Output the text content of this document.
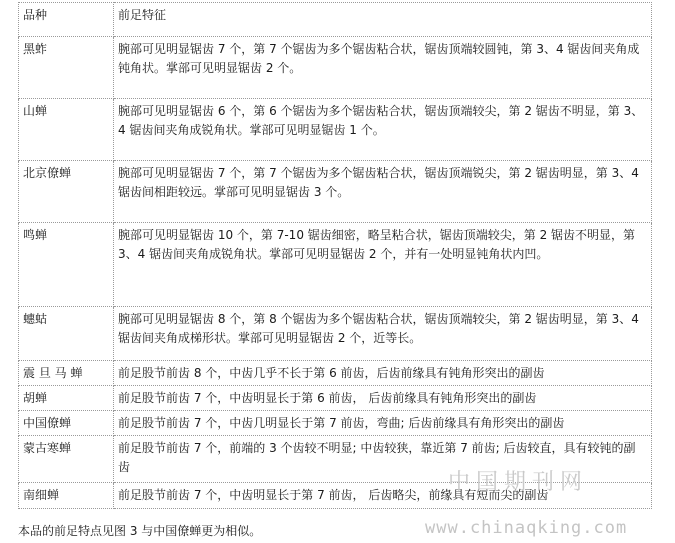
品种	前足特征
黑蚱	腕部可见明显锯齿 7 个，第 7 个锯齿为多个锯齿粘合状，锯齿顶端较圆钝，第 3、4 锯齿间夹角成钝角状。掌部可见明显锯齿 2 个。
山蝉	腕部可见明显锯齿 6 个，第 6 个锯齿为多个锯齿粘合状，锯齿顶端较尖，第 2 锯齿不明显，第 3、4 锯齿间夹角成锐角状。掌部可见明显锯齿 1 个。
北京僚蝉	腕部可见明显锯齿 7 个，第 7 个锯齿为多个锯齿粘合状，锯齿顶端锐尖，第 2 锯齿明显，第 3、4 锯齿间相距较远。掌部可见明显锯齿 3 个。
鸣蝉	腕部可见明显锯齿 10 个，第 7-10 锯齿细密，略呈粘合状，锯齿顶端较尖，第 2 锯齿不明显，第 3、4 锯齿间夹角成锐角状。掌部可见明显锯齿 2 个，并有一处明显钝角状内凹。
蟪蛄	腕部可见明显锯齿 8 个，第 8 个锯齿为多个锯齿粘合状，锯齿顶端较尖，第 2 锯齿明显，第 3、4 锯齿间夹角成梯形状。掌部可见明显锯齿 2 个，近等长。
震 旦 马 蝉	前足股节前齿 8 个，中齿几乎不长于第 6 前齿，后齿前缘具有钝角形突出的副齿
胡蝉	前足股节前齿 7 个，中齿明显长于第 6 前齿， 后齿前缘具有钝角形突出的副齿
中国僚蝉	前足股节前齿 7 个，中齿几明显长于第 7 前齿，弯曲; 后齿前缘具有角形突出的副齿
蒙古寒蝉	前足股节前齿 7 个，前端的 3 个齿较不明显; 中齿较狭，靠近第 7 前齿; 后齿较直，具有较钝的副齿
南细蝉	前足股节前齿 7 个，中齿明显长于第 7 前齿， 后齿略尖，前缘具有短而尖的副齿
中国期刊网
本品的前足特点见图 3 与中国僚蝉更为相似。	www.chinaqking.com
